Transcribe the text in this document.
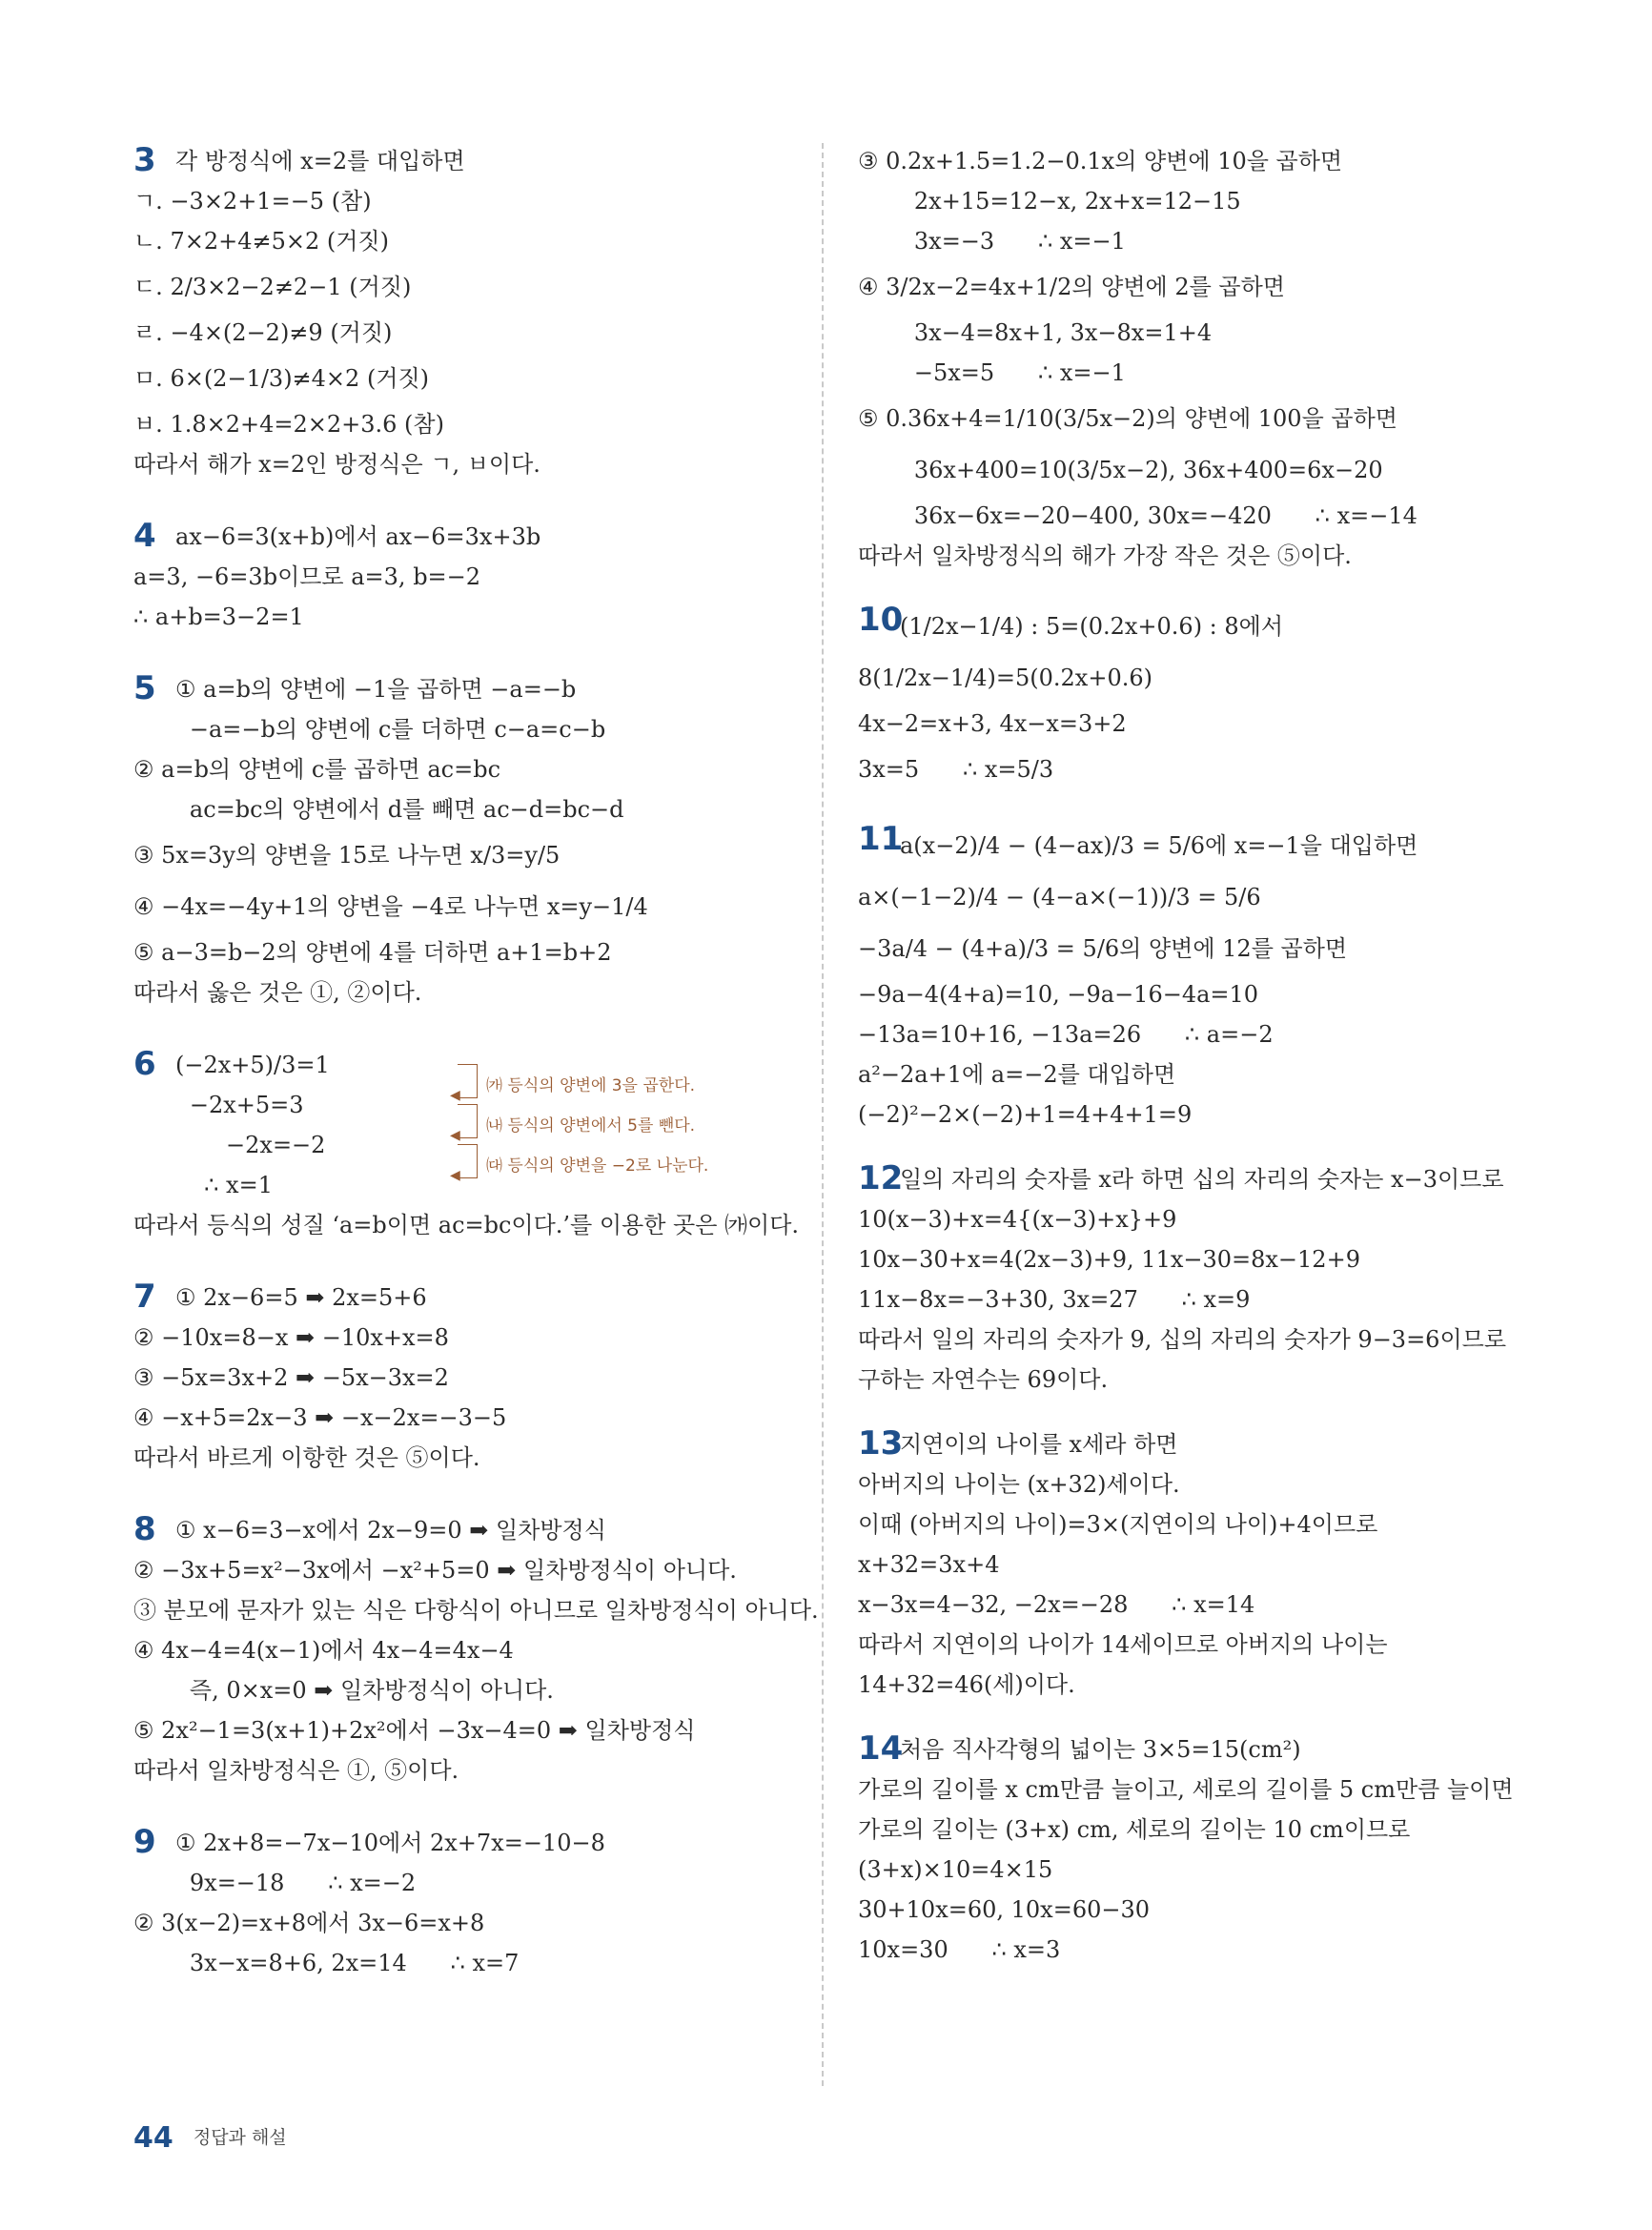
3 각 방정식에 x=2를 대입하면
ㄱ. −3×2+1=−5 (참)
ㄴ. 7×2+4≠5×2 (거짓)
ㄷ. 2/3×2−2≠2−1 (거짓)
ㄹ. −4×(2−2)≠9 (거짓)
ㅁ. 6×(2−1/3)≠4×2 (거짓)
ㅂ. 1.8×2+4=2×2+3.6 (참)
따라서 해가 x=2인 방정식은 ㄱ, ㅂ이다.
4 ax−6=3(x+b)에서 ax−6=3x+3b
a=3, −6=3b이므로 a=3, b=−2
∴ a+b=3−2=1
5 ① a=b의 양변에 −1을 곱하면 −a=−b
−a=−b의 양변에 c를 더하면 c−a=c−b
② a=b의 양변에 c를 곱하면 ac=bc
ac=bc의 양변에서 d를 빼면 ac−d=bc−d
③ 5x=3y의 양변을 15로 나누면 x/3=y/5
④ −4x=−4y+1의 양변을 −4로 나누면 x=y−1/4
⑤ a−3=b−2의 양변에 4를 더하면 a+1=b+2
따라서 옳은 것은 ①, ②이다.
6 (−2x+5)/3=1
−2x+5=3
−2x=−2
∴ x=1
따라서 등식의 성질 ‘a=b이면 ac=bc이다.’를 이용한 곳은 ㈎이다.
◀ ㈎ 등식의 양변에 3을 곱한다.
◀ ㈏ 등식의 양변에서 5를 뺀다.
◀ ㈐ 등식의 양변을 −2로 나눈다.
7 ① 2x−6=5 ➡ 2x=5+6
② −10x=8−x ➡ −10x+x=8
③ −5x=3x+2 ➡ −5x−3x=2
④ −x+5=2x−3 ➡ −x−2x=−3−5
따라서 바르게 이항한 것은 ⑤이다.
8 ① x−6=3−x에서 2x−9=0 ➡ 일차방정식
② −3x+5=x²−3x에서 −x²+5=0 ➡ 일차방정식이 아니다.
③ 분모에 문자가 있는 식은 다항식이 아니므로 일차방정식이 아니다.
④ 4x−4=4(x−1)에서 4x−4=4x−4
즉, 0×x=0 ➡ 일차방정식이 아니다.
⑤ 2x²−1=3(x+1)+2x²에서 −3x−4=0 ➡ 일차방정식
따라서 일차방정식은 ①, ⑤이다.
9 ① 2x+8=−7x−10에서 2x+7x=−10−8
9x=−18      ∴ x=−2
② 3(x−2)=x+8에서 3x−6=x+8
3x−x=8+6, 2x=14      ∴ x=7
③ 0.2x+1.5=1.2−0.1x의 양변에 10을 곱하면
2x+15=12−x, 2x+x=12−15
3x=−3      ∴ x=−1
④ 3/2x−2=4x+1/2의 양변에 2를 곱하면
3x−4=8x+1, 3x−8x=1+4
−5x=5      ∴ x=−1
⑤ 0.36x+4=1/10(3/5x−2)의 양변에 100을 곱하면
36x+400=10(3/5x−2), 36x+400=6x−20
36x−6x=−20−400, 30x=−420      ∴ x=−14
따라서 일차방정식의 해가 가장 작은 것은 ⑤이다.
10
(1/2x−1/4) : 5=(0.2x+0.6) : 8에서
8(1/2x−1/4)=5(0.2x+0.6)
4x−2=x+3, 4x−x=3+2
3x=5      ∴ x=5/3
11
a(x−2)/4 − (4−ax)/3 = 5/6에 x=−1을 대입하면
a×(−1−2)/4 − (4−a×(−1))/3 = 5/6
−3a/4 − (4+a)/3 = 5/6의 양변에 12를 곱하면
−9a−4(4+a)=10, −9a−16−4a=10
−13a=10+16, −13a=26      ∴ a=−2
a²−2a+1에 a=−2를 대입하면
(−2)²−2×(−2)+1=4+4+1=9
12
일의 자리의 숫자를 x라 하면 십의 자리의 숫자는 x−3이므로
10(x−3)+x=4{(x−3)+x}+9
10x−30+x=4(2x−3)+9, 11x−30=8x−12+9
11x−8x=−3+30, 3x=27      ∴ x=9
따라서 일의 자리의 숫자가 9, 십의 자리의 숫자가 9−3=6이므로
구하는 자연수는 69이다.
13
지연이의 나이를 x세라 하면
아버지의 나이는 (x+32)세이다.
이때 (아버지의 나이)=3×(지연이의 나이)+4이므로
x+32=3x+4
x−3x=4−32, −2x=−28      ∴ x=14
따라서 지연이의 나이가 14세이므로 아버지의 나이는
14+32=46(세)이다.
14
처음 직사각형의 넓이는 3×5=15(cm²)
가로의 길이를 x cm만큼 늘이고, 세로의 길이를 5 cm만큼 늘이면
가로의 길이는 (3+x) cm, 세로의 길이는 10 cm이므로
(3+x)×10=4×15
30+10x=60, 10x=60−30
10x=30      ∴ x=3
44 정답과 해설
